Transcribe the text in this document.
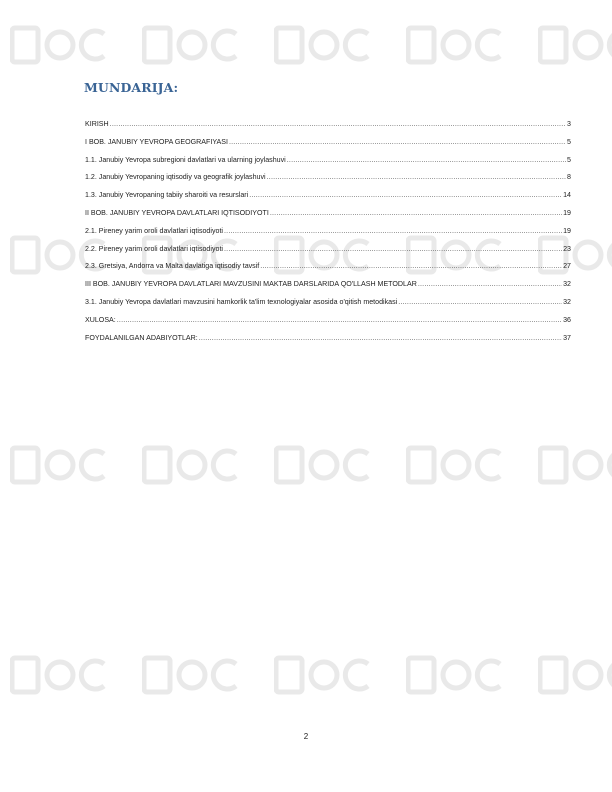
MUNDARIJA:
KIRISH .....	3
I BOB. JANUBIY YEVROPA GEOGRAFIYASI .....	5
1.1. Janubiy Yevropa subregioni davlatlari va ularning joylashuvi .....	5
1.2. Janubiy Yevropaning iqtisodiy va geografik joylashuvi .....	8
1.3. Janubiy Yevropaning tabiiy sharoiti va resurslari .....	14
II BOB. JANUBIY YEVROPA DAVLATLARI IQTISODIYOTI .....	19
2.1. Pireney yarim oroli davlatlari iqtisodiyoti .....	19
2.2. Pireney yarim oroli davlatlari iqtisodiyoti .....	23
2.3. Gretsiya, Andorra va Malta davlatiga iqtisodiy tavsif .....	27
III BOB. JANUBIY YEVROPA DAVLATLARI MAVZUSINI MAKTAB DARSLARIDA QO'LLASH METODLAR .....	32
3.1. Janubiy Yevropa davlatlari mavzusini hamkorlik ta'lim texnologiyalar asosida o'qitish metodikasi .....	32
XULOSA: .....	36
FOYDALANILGAN ADABIYOTLAR: .....	37
2
